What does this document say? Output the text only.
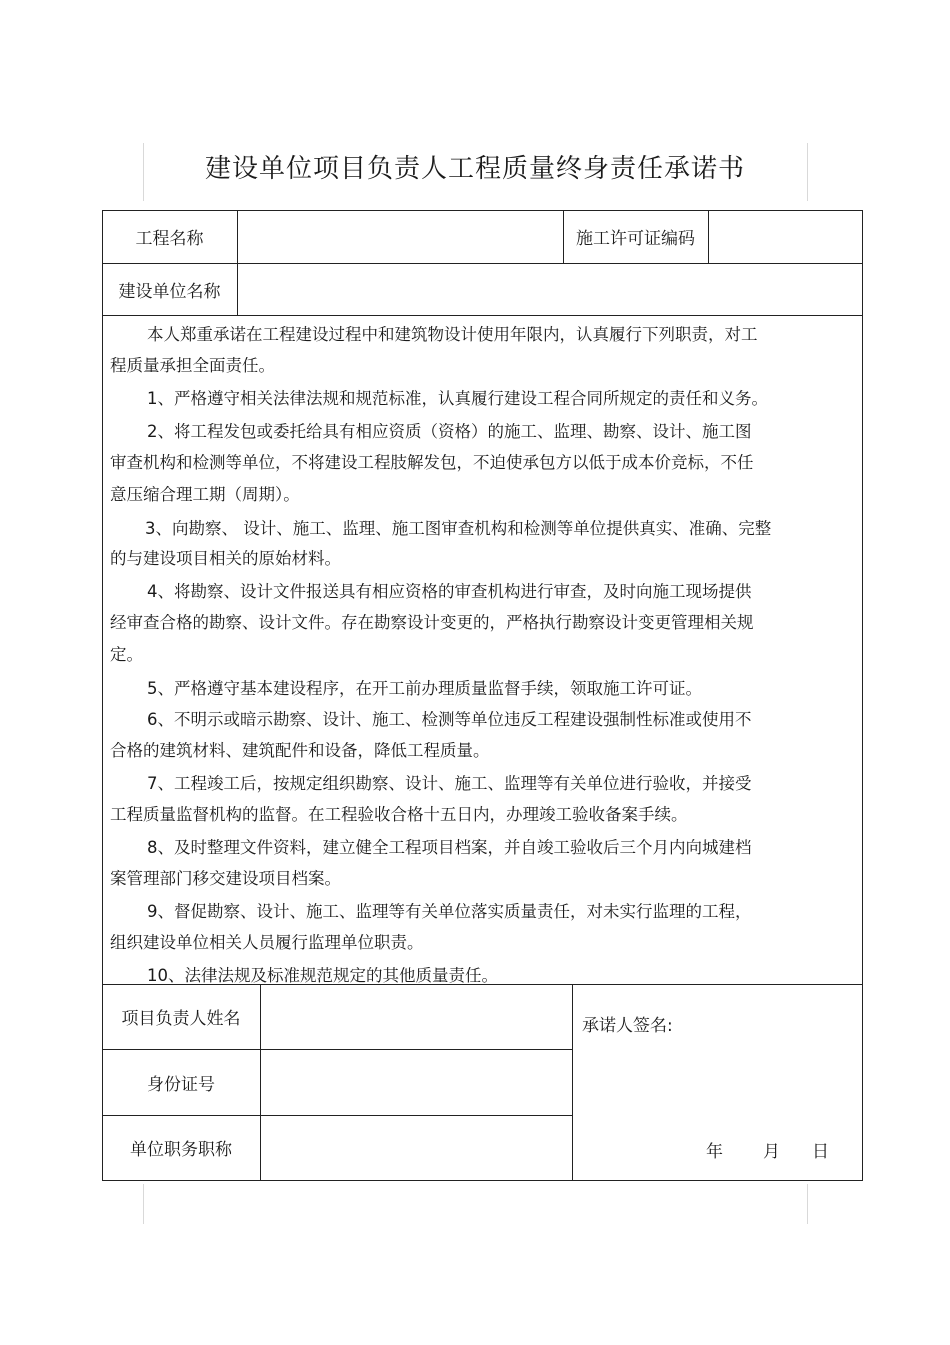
建设单位项目负责人工程质量终身责任承诺书
工程名称	施工许可证编码
建设单位名称
本人郑重承诺在工程建设过程中和建筑物设计使用年限内，认真履行下列职责，对工
程质量承担全面责任。
1、严格遵守相关法律法规和规范标准，认真履行建设工程合同所规定的责任和义务。
2、将工程发包或委托给具有相应资质（资格）的施工、监理、勘察、设计、施工图
审查机构和检测等单位，不将建设工程肢解发包，不迫使承包方以低于成本价竞标，不任
意压缩合理工期（周期）。
3、向勘察、 设计、施工、监理、施工图审查机构和检测等单位提供真实、准确、完整
的与建设项目相关的原始材料。
4、将勘察、设计文件报送具有相应资格的审查机构进行审查，及时向施工现场提供
经审查合格的勘察、设计文件。存在勘察设计变更的，严格执行勘察设计变更管理相关规
定。
5、严格遵守基本建设程序，在开工前办理质量监督手续，领取施工许可证。
6、不明示或暗示勘察、设计、施工、检测等单位违反工程建设强制性标准或使用不
合格的建筑材料、建筑配件和设备，降低工程质量。
7、工程竣工后，按规定组织勘察、设计、施工、监理等有关单位进行验收，并接受
工程质量监督机构的监督。在工程验收合格十五日内，办理竣工验收备案手续。
8、及时整理文件资料，建立健全工程项目档案，并自竣工验收后三个月内向城建档
案管理部门移交建设项目档案。
9、督促勘察、设计、施工、监理等有关单位落实质量责任，对未实行监理的工程，
组织建设单位相关人员履行监理单位职责。
10、法律法规及标准规范规定的其他质量责任。
项目负责人姓名
身份证号
单位职务职称
承诺人签名:
年 月 日
